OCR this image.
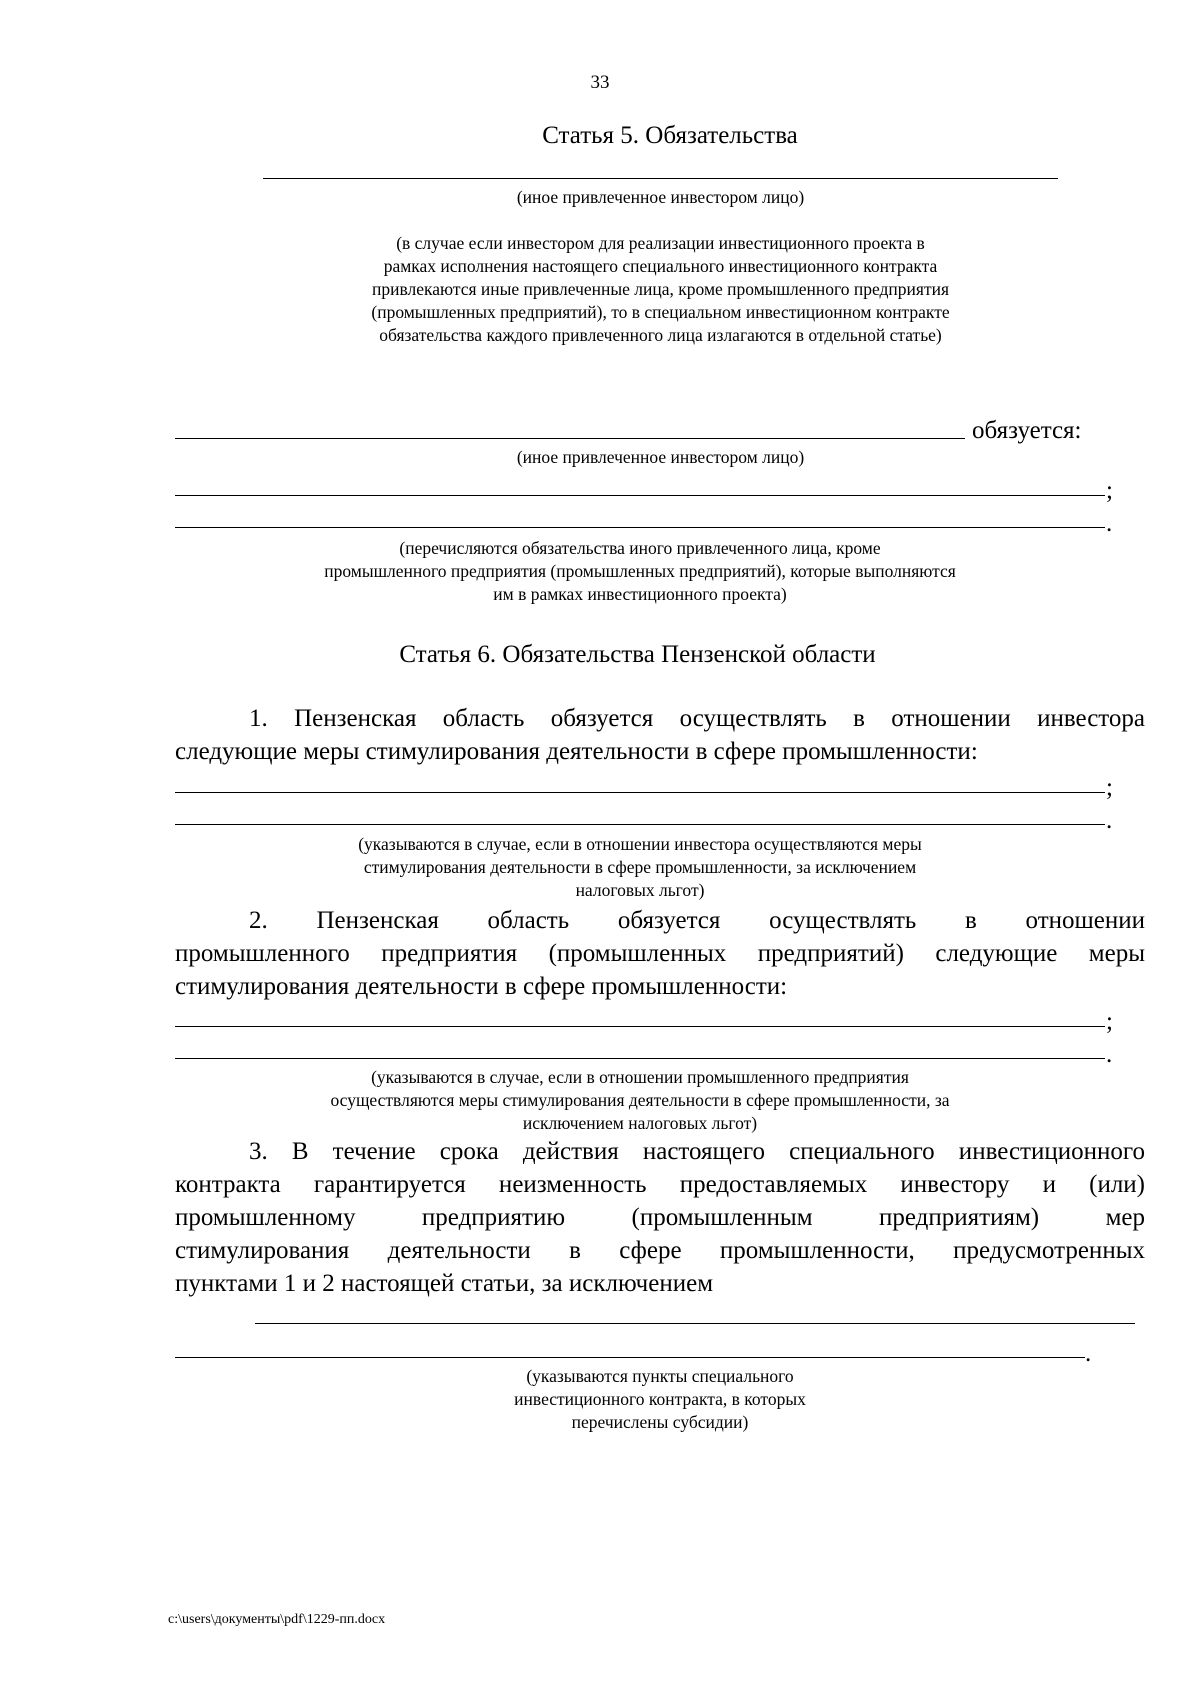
33
Статья 5. Обязательства
(иное привлеченное инвестором лицо)
(в случае если инвестором для реализации инвестиционного проекта в
рамках исполнения настоящего специального инвестиционного контракта
привлекаются иные привлеченные лица, кроме промышленного предприятия
(промышленных предприятий), то в специальном инвестиционном контракте
обязательства каждого привлеченного лица излагаются в отдельной статье)
обязуется:
(иное привлеченное инвестором лицо)
;
.
(перечисляются обязательства иного привлеченного лица, кроме
промышленного предприятия (промышленных предприятий), которые выполняются
им в рамках инвестиционного проекта)
Статья 6. Обязательства Пензенской области
1. Пензенская область обязуется осуществлять в отношении инвестора
следующие меры стимулирования деятельности в сфере промышленности:
;
.
(указываются в случае, если в отношении инвестора осуществляются меры
стимулирования деятельности в сфере промышленности, за исключением
налоговых льгот)
2. Пензенская область обязуется осуществлять в отношении
промышленного предприятия (промышленных предприятий) следующие меры
стимулирования деятельности в сфере промышленности:
;
.
(указываются в случае, если в отношении промышленного предприятия
осуществляются меры стимулирования деятельности в сфере промышленности, за
исключением налоговых льгот)
3. В течение срока действия настоящего специального инвестиционного
контракта гарантируется неизменность предоставляемых инвестору и (или)
промышленному предприятию (промышленным предприятиям) мер
стимулирования деятельности в сфере промышленности, предусмотренных
пунктами 1 и 2 настоящей статьи, за исключением
.
(указываются пункты специального
инвестиционного контракта, в которых
перечислены субсидии)
c:\users\документы\pdf\1229-пп.docx
